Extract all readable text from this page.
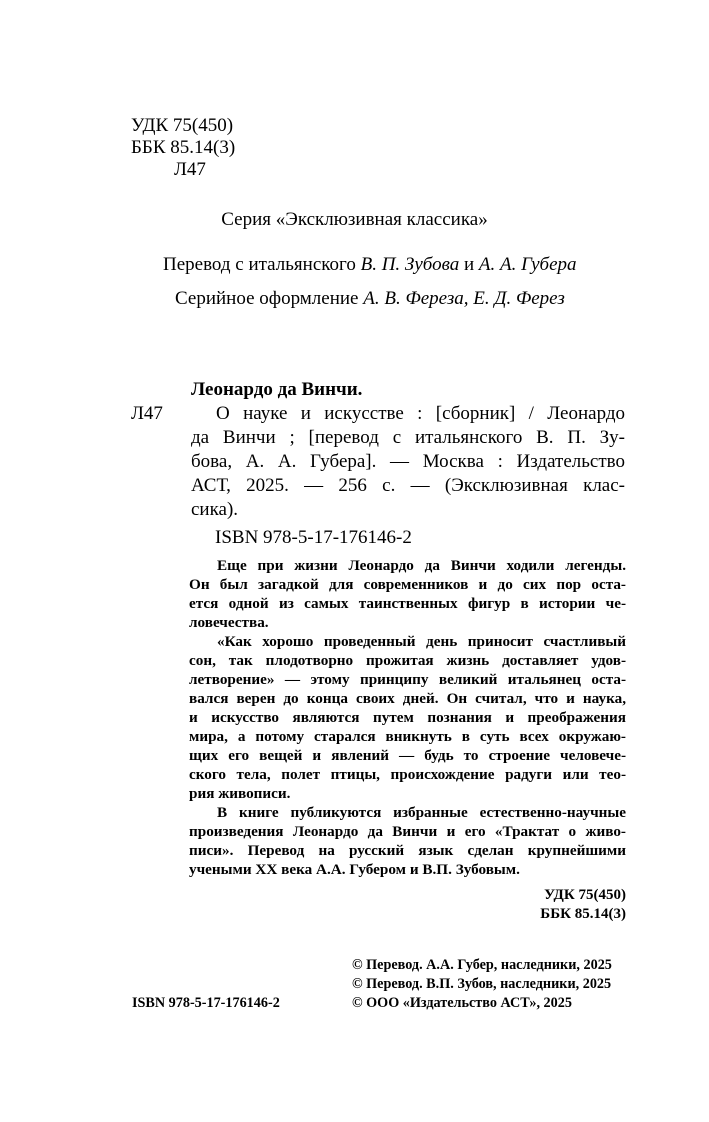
УДК 75(450)
ББК 85.14(3)
Л47
Серия «Эксклюзивная классика»
Перевод с итальянского В. П. Зубова и А. А. Губера
Серийное оформление А. В. Фереза, Е. Д. Ферез
Леонардо да Винчи.
Л47	О науке и искусстве : [сборник] / Леонардо
да Винчи ; [перевод с итальянского В. П. Зу-
бова, А. А. Губера]. — Москва : Издательство
АСТ, 2025. — 256 с. — (Эксклюзивная клас-
сика).
ISBN 978-5-17-176146-2
Еще при жизни Леонардо да Винчи ходили легенды.
Он был загадкой для современников и до сих пор оста-
ется одной из самых таинственных фигур в истории че-
ловечества.
«Как хорошо проведенный день приносит счастливый
сон, так плодотворно прожитая жизнь доставляет удов-
летворение» — этому принципу великий итальянец оста-
вался верен до конца своих дней. Он считал, что и наука,
и искусство являются путем познания и преображения
мира, а потому старался вникнуть в суть всех окружаю-
щих его вещей и явлений — будь то строение человече-
ского тела, полет птицы, происхождение радуги или тео-
рия живописи.
В книге публикуются избранные естественно-научные
произведения Леонардо да Винчи и его «Трактат о живо-
писи». Перевод на русский язык сделан крупнейшими
учеными XX века А.А. Губером и В.П. Зубовым.
УДК 75(450)
ББК 85.14(3)
© Перевод. А.А. Губер, наследники, 2025
© Перевод. В.П. Зубов, наследники, 2025
© ООО «Издательство АСТ», 2025
ISBN 978-5-17-176146-2
